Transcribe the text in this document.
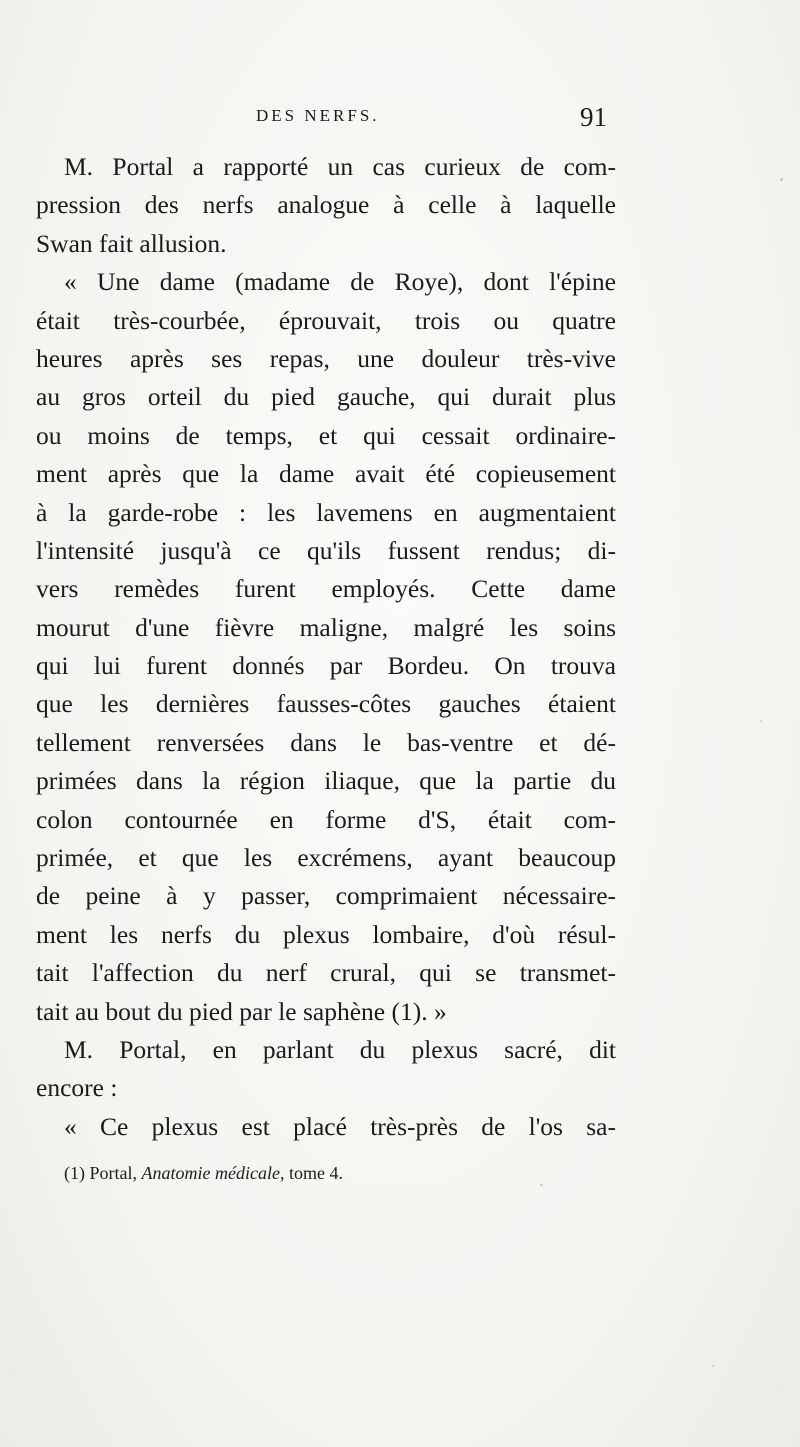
DES NERFS.	91
M. Portal a rapporté un cas curieux de com-
pression des nerfs analogue à celle à laquelle
Swan fait allusion.
« Une dame (madame de Roye), dont l'épine
était très-courbée, éprouvait, trois ou quatre
heures après ses repas, une douleur très-vive
au gros orteil du pied gauche, qui durait plus
ou moins de temps, et qui cessait ordinaire-
ment après que la dame avait été copieusement
à la garde-robe : les lavemens en augmentaient
l'intensité jusqu'à ce qu'ils fussent rendus; di-
vers remèdes furent employés. Cette dame
mourut d'une fièvre maligne, malgré les soins
qui lui furent donnés par Bordeu. On trouva
que les dernières fausses-côtes gauches étaient
tellement renversées dans le bas-ventre et dé-
primées dans la région iliaque, que la partie du
colon contournée en forme d'S, était com-
primée, et que les excrémens, ayant beaucoup
de peine à y passer, comprimaient nécessaire-
ment les nerfs du plexus lombaire, d'où résul-
tait l'affection du nerf crural, qui se transmet-
tait au bout du pied par le saphène (1). »
M. Portal, en parlant du plexus sacré, dit
encore :
« Ce plexus est placé très-près de l'os sa-
(1) Portal, Anatomie médicale, tome 4.
